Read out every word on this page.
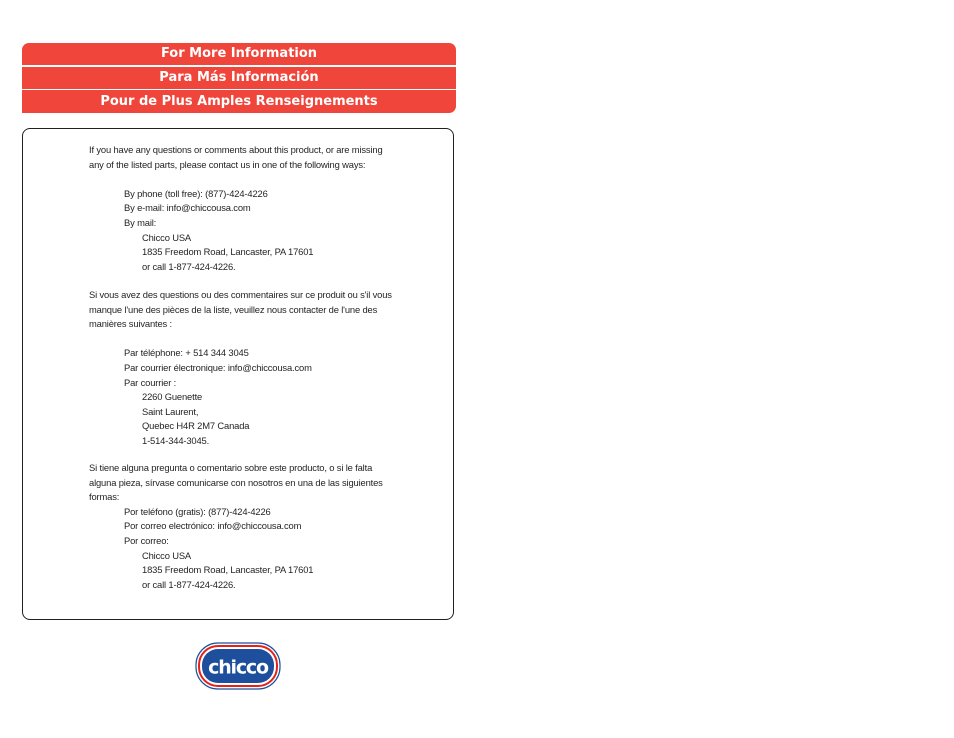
For More Information
Para Más Información
Pour de Plus Amples Renseignements

If you have any questions or comments about this product, or are missing

any of the listed parts, please contact us in one of the following ways:

By phone (toll free): (877)-424-4226

By e-mail: info@chiccousa.com

By mail:

Chicco USA

1835 Freedom Road, Lancaster, PA 17601

or call 1-877-424-4226.

Si vous avez des questions ou des commentaires sur ce produit ou s'il vous

manque l'une des pièces de la liste, veuillez nous contacter de l'une des

manières suivantes :

Par téléphone: + 514 344 3045

Par courrier électronique: info@chiccousa.com

Par courrier :

2260 Guenette

Saint Laurent,

Quebec H4R 2M7 Canada

1-514-344-3045.

Si tiene alguna pregunta o comentario sobre este producto, o si le falta

alguna pieza, sírvase comunicarse con nosotros en una de las siguientes

formas:

Por teléfono (gratis): (877)-424-4226

Por correo electrónico: info@chiccousa.com

Por correo:

Chicco USA

1835 Freedom Road, Lancaster, PA 17601

or call 1-877-424-4226.

chicco
